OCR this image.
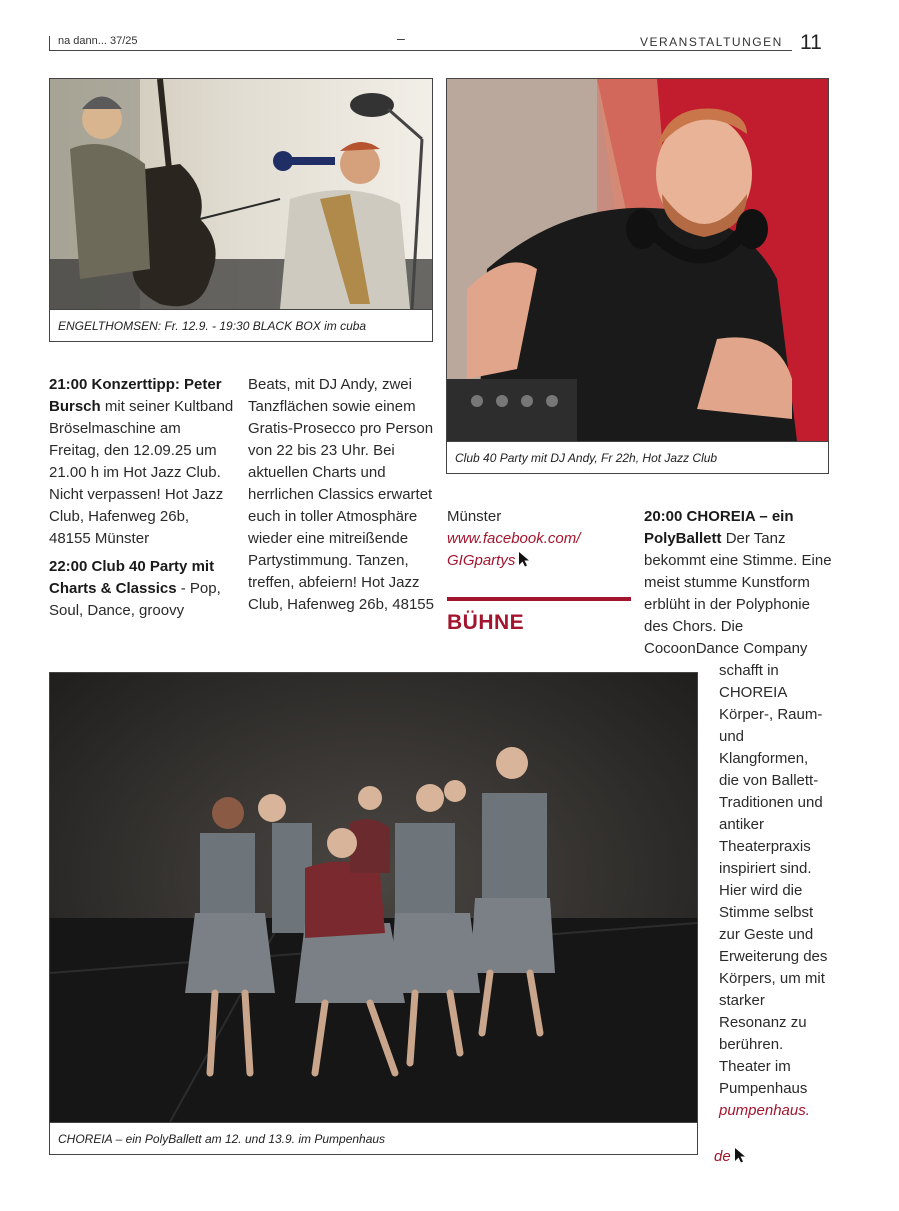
na dann... 37/25	–	VERANSTALTUNGEN 11
ENGELTHOMSEN: Fr. 12.9. - 19:30 BLACK BOX im cuba
Club 40 Party mit DJ Andy, Fr 22h, Hot Jazz Club

21:00 Konzerttipp: Peter Bursch mit seiner Kultband Bröselmaschine am Freitag, den 12.09.25 um 21.00 h im Hot Jazz Club. Nicht verpassen! Hot Jazz Club, Hafenweg 26b, 48155 Münster

22:00 Club 40 Party mit Charts & Classics - Pop, Soul, Dance, groovy

Beats, mit DJ Andy, zwei Tanzflächen sowie einem Gratis-Prosecco pro Person von 22 bis 23 Uhr. Bei aktuellen Charts und herrlichen Classics erwartet euch in toller Atmosphäre wieder eine mitreißende Partystimmung. Tanzen, treffen, abfeiern! Hot Jazz Club, Hafenweg 26b, 48155

Münster

www.facebook.com/

GIGpartys

BÜHNE

20:00 CHOREIA – ein PolyBallett Der Tanz bekommt eine Stimme. Eine meist stumme Kunstform erblüht in der Polyphonie des Chors. Die CocoonDance Company

schafft in CHOREIA Körper-, Raum- und Klangformen, die von Ballett-Traditionen und antiker Theaterpraxis inspiriert sind. Hier wird die Stimme selbst zur Geste und Erweiterung des Körpers, um mit starker Resonanz zu berühren. Theater im Pumpenhaus

pumpenhaus.

de

CHOREIA – ein PolyBallett am 12. und 13.9. im Pumpenhaus
